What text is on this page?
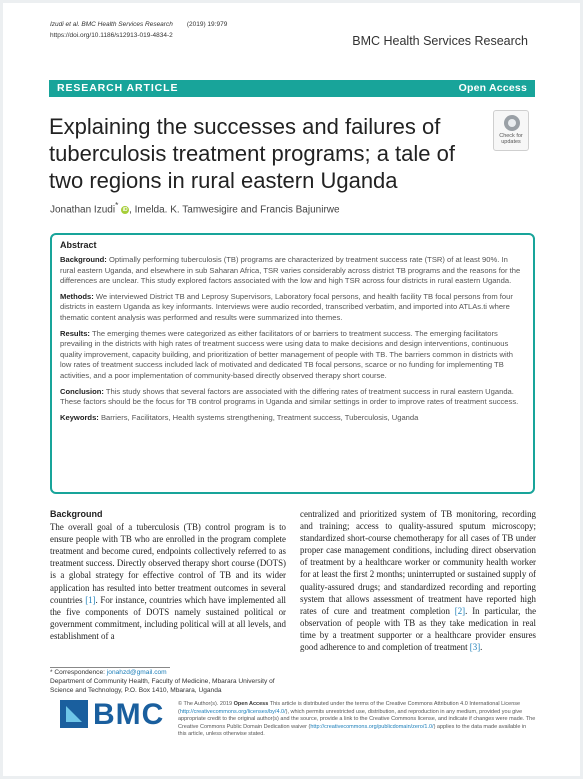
Izudi et al. BMC Health Services Research (2019) 19:979
https://doi.org/10.1186/s12913-019-4834-2	BMC Health Services Research
RESEARCH ARTICLE	Open Access
Explaining the successes and failures of tuberculosis treatment programs; a tale of two regions in rural eastern Uganda
Check for
updates
Jonathan Izudi* iD , Imelda. K. Tamwesigire and Francis Bajunirwe
Abstract

Background: Optimally performing tuberculosis (TB) programs are characterized by treatment success rate (TSR) of at least 90%. In rural eastern Uganda, and elsewhere in sub Saharan Africa, TSR varies considerably across district TB programs and the reasons for the differences are unclear. This study explored factors associated with the low and high TSR across four districts in rural eastern Uganda.

Methods: We interviewed District TB and Leprosy Supervisors, Laboratory focal persons, and health facility TB focal persons from four districts in eastern Uganda as key informants. Interviews were audio recorded, transcribed verbatim, and imported into ATLAs.ti where thematic content analysis was performed and results were summarized into themes.

Results: The emerging themes were categorized as either facilitators of or barriers to treatment success. The emerging facilitators prevailing in the districts with high rates of treatment success were using data to make decisions and design interventions, continuous quality improvement, capacity building, and prioritization of better management of people with TB. The barriers common in districts with low rates of treatment success included lack of motivated and dedicated TB focal persons, scarce or no funding for implementing TB activities, and a poor implementation of community-based directly observed therapy short course.

Conclusion: This study shows that several factors are associated with the differing rates of treatment success in rural eastern Uganda. These factors should be the focus for TB control programs in Uganda and similar settings in order to improve rates of treatment success.

Keywords: Barriers, Facilitators, Health systems strengthening, Treatment success, Tuberculosis, Uganda

Background
The overall goal of a tuberculosis (TB) control program is to ensure people with TB who are enrolled in the program complete treatment and become cured, endpoints collectively referred to as treatment success. Directly observed therapy short course (DOTS) is a global strategy for effective control of TB and its wider application has resulted into better treatment outcomes in several countries [1]. For instance, countries which have implemented all the five components of DOTS namely sustained political or government commitment, including political will at all levels, and establishment of a
centralized and prioritized system of TB monitoring, recording and training; access to quality-assured sputum microscopy; standardized short-course chemotherapy for all cases of TB under proper case management conditions, including direct observation of treatment by a healthcare worker or community health worker for at least the first 2 months; uninterrupted or sustained supply of quality-assured drugs; and standardized recording and reporting system that allows assessment of treatment have reported high rates of cure and treatment completion [2]. In particular, the observation of people with TB as they take medication in real time by a treatment supporter or a healthcare provider ensures good adherence to and completion of treatment [3].
* Correspondence: jonahzd@gmail.com
Department of Community Health, Faculty of Medicine, Mbarara University of Science and Technology, P.O. Box 1410, Mbarara, Uganda
BMC © The Author(s). 2019 Open Access This article is distributed under the terms of the Creative Commons Attribution 4.0 International License (http://creativecommons.org/licenses/by/4.0/), which permits unrestricted use, distribution, and reproduction in any medium, provided you give appropriate credit to the original author(s) and the source, provide a link to the Creative Commons license, and indicate if changes were made. The Creative Commons Public Domain Dedication waiver (http://creativecommons.org/publicdomain/zero/1.0/) applies to the data made available in this article, unless otherwise stated.
